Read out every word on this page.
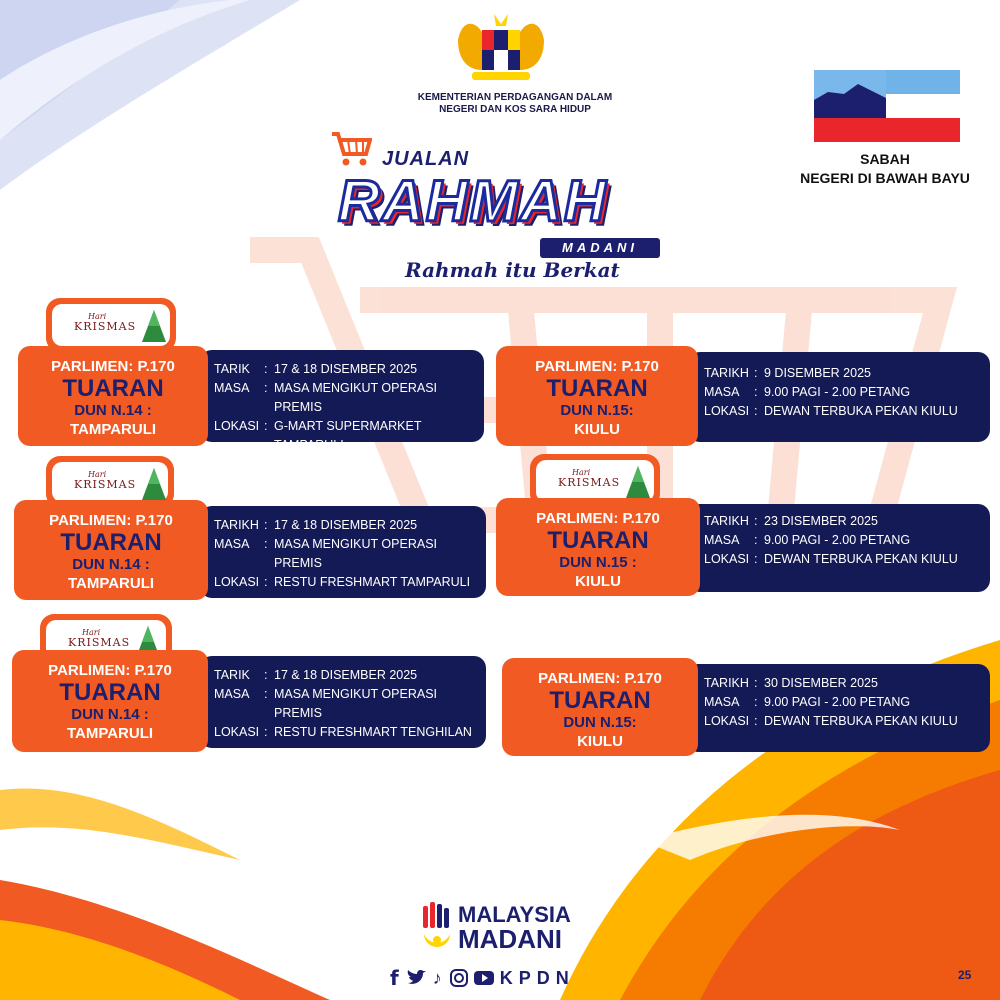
KEMENTERIAN PERDAGANGAN DALAM
NEGERI DAN KOS SARA HIDUP
SABAH
NEGERI DI BAWAH BAYU
JUALAN
RAHMAH
MADANI
Rahmah itu Berkat
Hari
KRISMAS
Hari
KRISMAS
Hari
KRISMAS
Hari
KRISMAS
TARIK	: 17 & 18 DISEMBER 2025
MASA	: MASA MENGIKUT OPERASI PREMIS
LOKASI : G-MART SUPERMARKET TAMPARULI
PARLIMEN: P.170
TUARAN
DUN N.14 :
TAMPARULI
TARIKH : 9 DISEMBER 2025
MASA	: 9.00 PAGI - 2.00 PETANG
LOKASI : DEWAN TERBUKA PEKAN KIULU
PARLIMEN: P.170
TUARAN
DUN N.15:
KIULU
TARIKH : 17 & 18 DISEMBER 2025
MASA	: MASA MENGIKUT OPERASI PREMIS
LOKASI : RESTU FRESHMART TAMPARULI
PARLIMEN: P.170
TUARAN
DUN N.14 :
TAMPARULI
TARIKH : 23 DISEMBER 2025
MASA	: 9.00 PAGI - 2.00 PETANG
LOKASI : DEWAN TERBUKA PEKAN KIULU
PARLIMEN: P.170
TUARAN
DUN N.15 :
KIULU
TARIK	: 17 & 18 DISEMBER 2025
MASA	: MASA MENGIKUT OPERASI PREMIS
LOKASI : RESTU FRESHMART TENGHILAN
PARLIMEN: P.170
TUARAN
DUN N.14 :
TAMPARULI
TARIKH : 30 DISEMBER 2025
MASA	: 9.00 PAGI - 2.00 PETANG
LOKASI : DEWAN TERBUKA PEKAN KIULU
PARLIMEN: P.170
TUARAN
DUN N.15:
KIULU
MALAYSIA
MADANI
f ♪	KPDN	25
